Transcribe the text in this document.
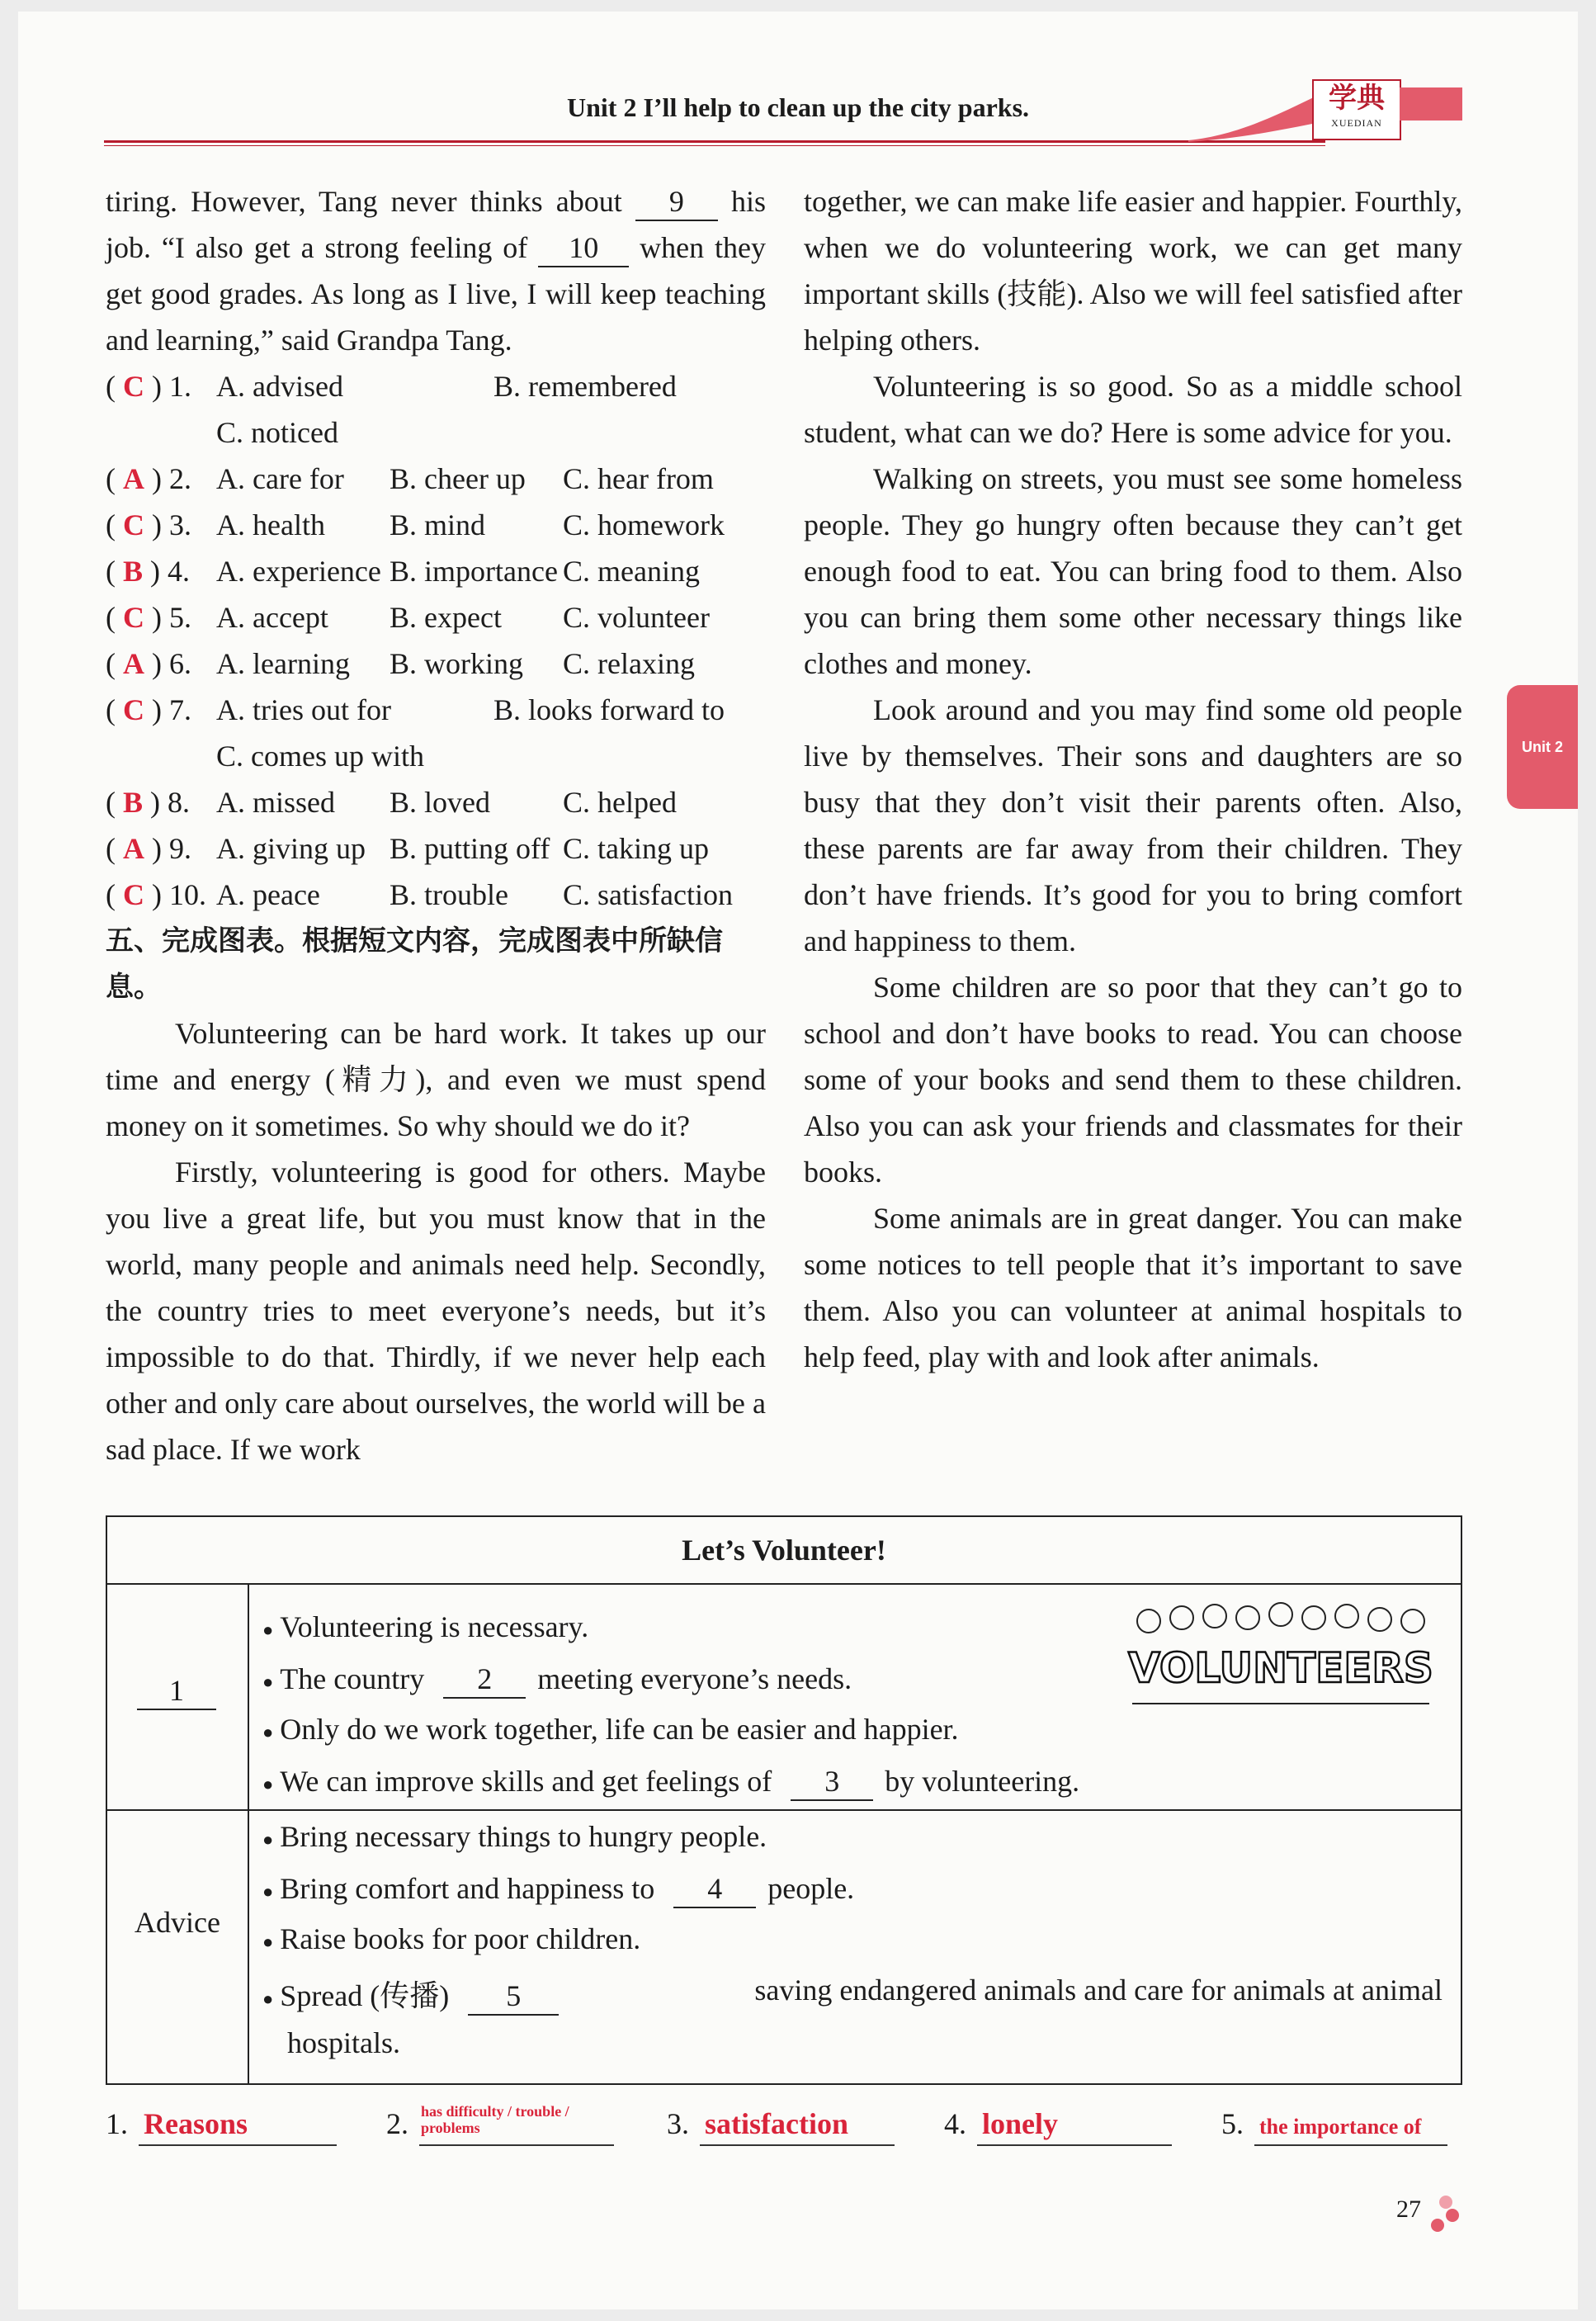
Unit 2 I’ll help to clean up the city parks.	学典
XUEDIAN
Unit 2

tiring. However, Tang never thinks about 9 his job. “I also get a strong feeling of 10 when they get good grades. As long as I live, I will keep teaching and learning,” said Grandpa Tang.

( C ) 1. A. advised	B. remembered
C. noticed
( A ) 2. A. care for	B. cheer up	C. hear from
( C ) 3. A. health	B. mind	C. homework
( B ) 4. A. experience B. importance C. meaning
( C ) 5. A. accept	B. expect	C. volunteer
( A ) 6. A. learning	B. working	C. relaxing
( C ) 7. A. tries out for	B. looks forward to
C. comes up with
( B ) 8. A. missed	B. loved	C. helped
( A ) 9. A. giving up B. putting off C. taking up
( C ) 10. A. peace	B. trouble	C. satisfaction

五、完成图表。根据短文内容，完成图表中所缺信息。

Volunteering can be hard work. It takes up our time and energy (精力), and even we must spend money on it sometimes. So why should we do it?

Firstly, volunteering is good for others. Maybe you live a great life, but you must know that in the world, many people and animals need help. Secondly, the country tries to meet everyone’s needs, but it’s impossible to do that. Thirdly, if we never help each other and only care about ourselves, the world will be a sad place. If we work

together, we can make life easier and happier. Fourthly, when we do volunteering work, we can get many important skills (技能). Also we will feel satisfied after helping others.

Volunteering is so good. So as a middle school student, what can we do? Here is some advice for you.

Walking on streets, you must see some homeless people. They go hungry often because they can’t get enough food to eat. You can bring food to them. Also you can bring them some other necessary things like clothes and money.

Look around and you may find some old people live by themselves. Their sons and daughters are so busy that they don’t visit their parents often. Also, these parents are far away from their children. They don’t have friends. It’s good for you to bring comfort and happiness to them.

Some children are so poor that they can’t go to school and don’t have books to read. You can choose some of your books and send them to these children. Also you can ask your friends and classmates for their books.

Some animals are in great danger. You can make some notices to tell people that it’s important to save them. Also you can volunteer at animal hospitals to help feed, play with and look after animals.

Let’s Volunteer!
1
● Volunteering is necessary.
● The country 2 meeting everyone’s needs.
● Only do we work together, life can be easier and happier.
● We can improve skills and get feelings of 3 by volunteering.
VOLUNTEERS
Advice
● Bring necessary things to hungry people.
● Bring comfort and happiness to 4 people.
● Raise books for poor children.
● Spread (传播) 5	saving endangered animals and care for animals at animal
hospitals.
1. Reasons	2. has difficulty / trouble /
problems	3. satisfaction	4. lonely	5. the importance of
27
